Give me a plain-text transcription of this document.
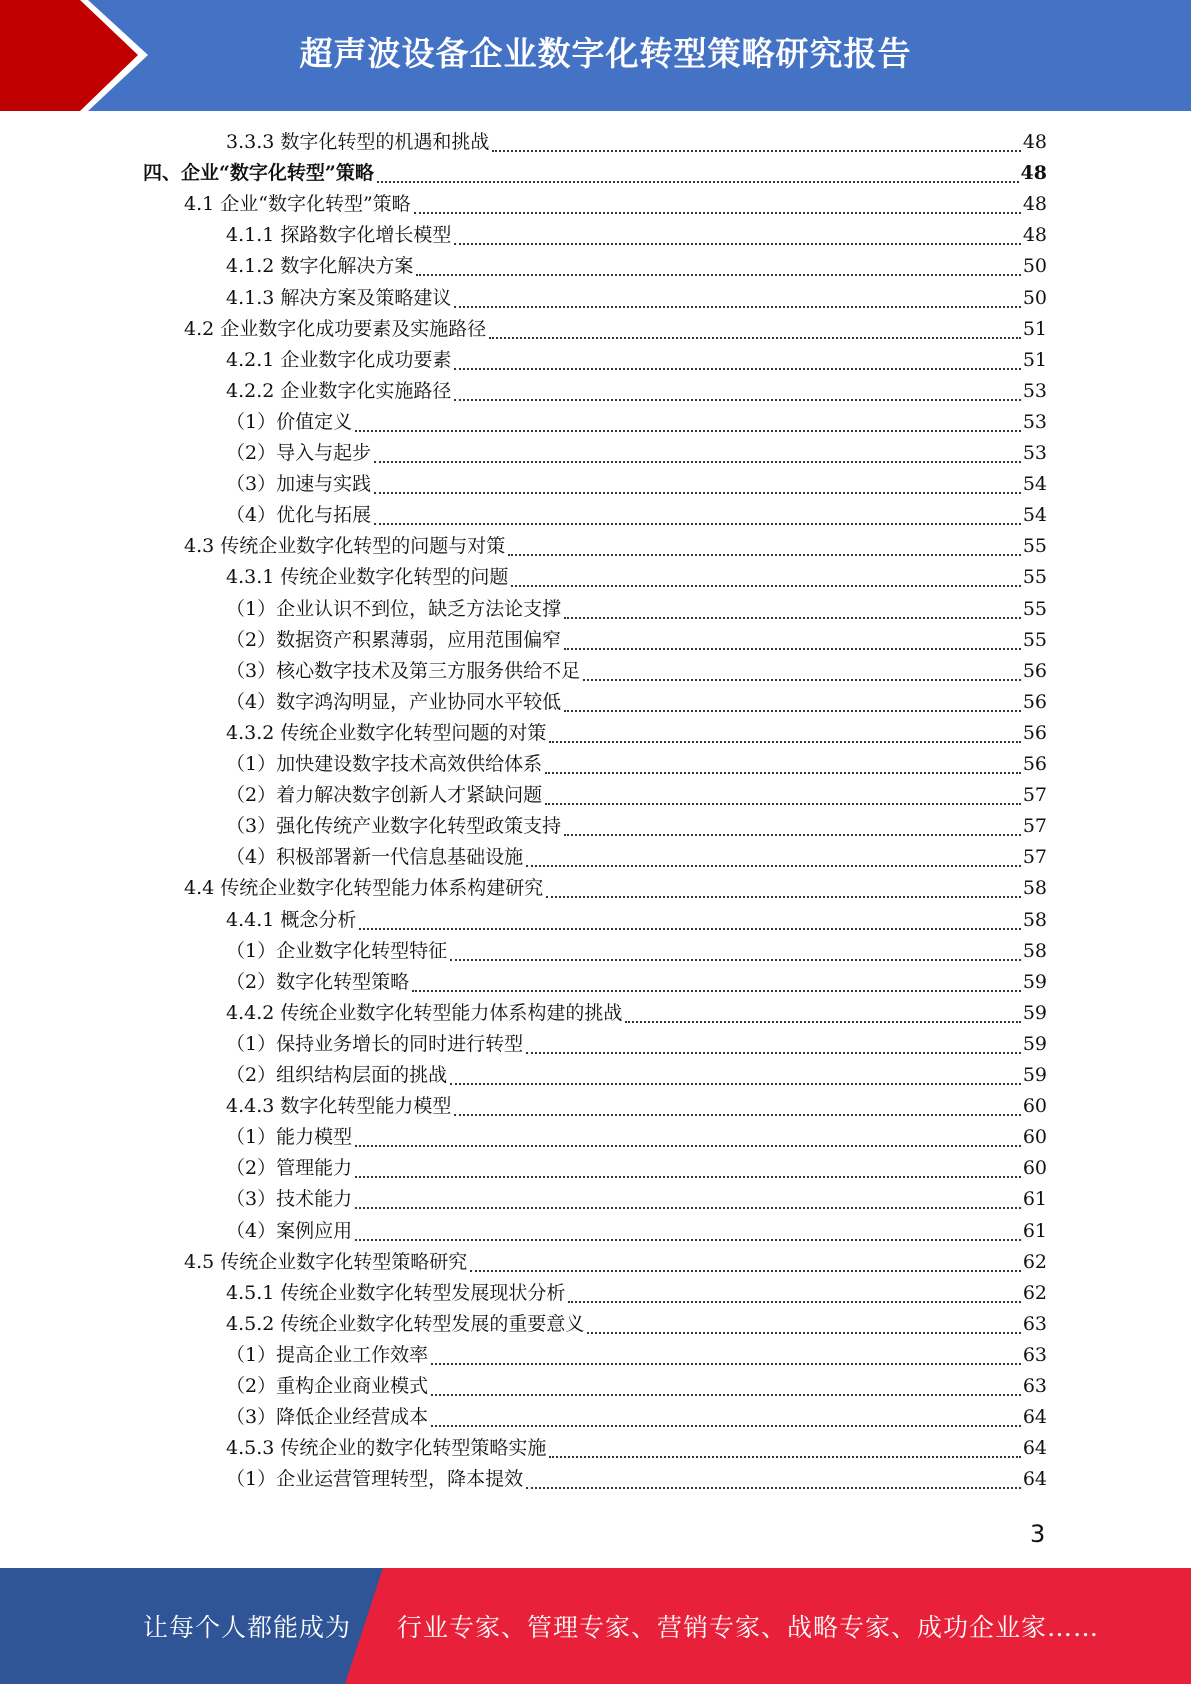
超声波设备企业数字化转型策略研究报告
3.3.3 数字化转型的机遇和挑战	48
四、企业“数字化转型”策略	48
4.1 企业“数字化转型”策略	48
4.1.1 探路数字化增长模型	48
4.1.2 数字化解决方案	50
4.1.3 解决方案及策略建议	50
4.2 企业数字化成功要素及实施路径	51
4.2.1 企业数字化成功要素	51
4.2.2 企业数字化实施路径	53
（1）价值定义	53
（2）导入与起步	53
（3）加速与实践	54
（4）优化与拓展	54
4.3 传统企业数字化转型的问题与对策	55
4.3.1 传统企业数字化转型的问题	55
（1）企业认识不到位，缺乏方法论支撑	55
（2）数据资产积累薄弱，应用范围偏窄	55
（3）核心数字技术及第三方服务供给不足	56
（4）数字鸿沟明显，产业协同水平较低	56
4.3.2 传统企业数字化转型问题的对策	56
（1）加快建设数字技术高效供给体系	56
（2）着力解决数字创新人才紧缺问题	57
（3）强化传统产业数字化转型政策支持	57
（4）积极部署新一代信息基础设施	57
4.4 传统企业数字化转型能力体系构建研究	58
4.4.1 概念分析	58
（1）企业数字化转型特征	58
（2）数字化转型策略	59
4.4.2 传统企业数字化转型能力体系构建的挑战	59
（1）保持业务增长的同时进行转型	59
（2）组织结构层面的挑战	59
4.4.3 数字化转型能力模型	60
（1）能力模型	60
（2）管理能力	60
（3）技术能力	61
（4）案例应用	61
4.5 传统企业数字化转型策略研究	62
4.5.1 传统企业数字化转型发展现状分析	62
4.5.2 传统企业数字化转型发展的重要意义	63
（1）提高企业工作效率	63
（2）重构企业商业模式	63
（3）降低企业经营成本	64
4.5.3 传统企业的数字化转型策略实施	64
（1）企业运营管理转型，降本提效	64
3
让每个人都能成为 行业专家、管理专家、营销专家、战略专家、成功企业家……
